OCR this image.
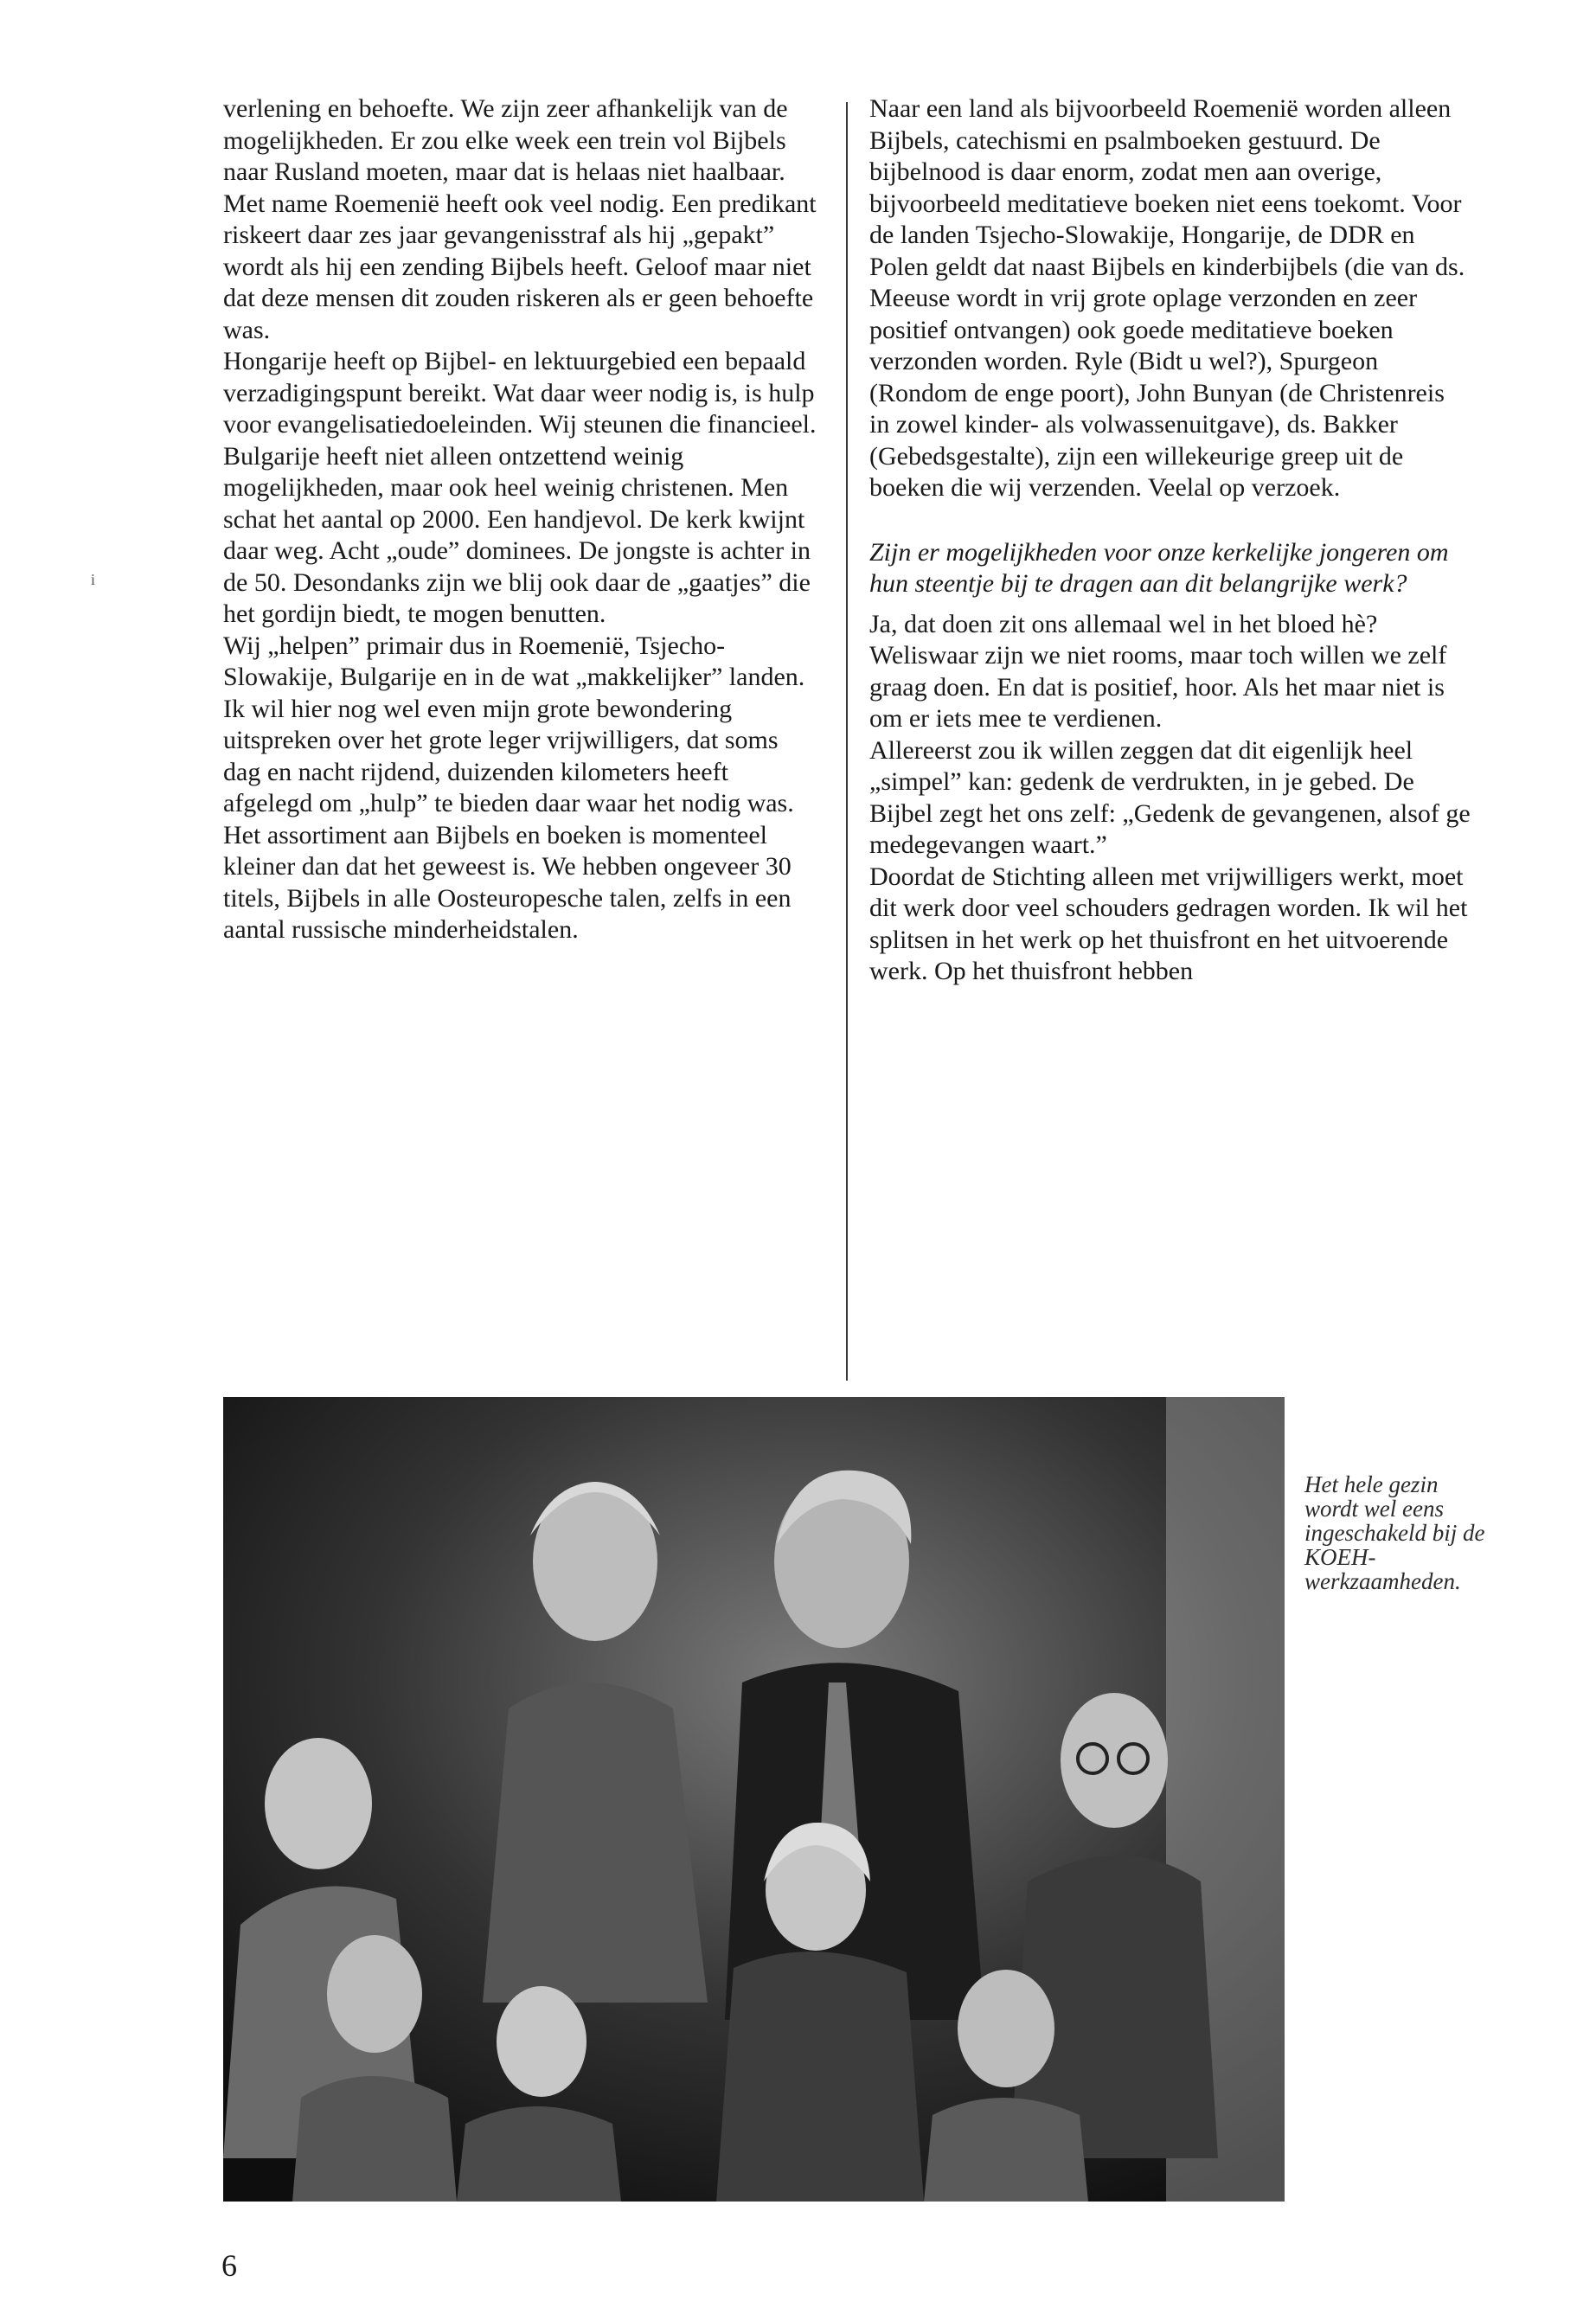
verlening en behoefte. We zijn zeer afhankelijk van de mogelijkheden. Er zou elke week een trein vol Bijbels naar Rusland moeten, maar dat is helaas niet haalbaar. Met name Roemenië heeft ook veel nodig. Een predikant riskeert daar zes jaar gevangenisstraf als hij „gepakt” wordt als hij een zending Bijbels heeft. Geloof maar niet dat deze mensen dit zouden riskeren als er geen behoefte was.

Hongarije heeft op Bijbel- en lektuurgebied een bepaald verzadigingspunt bereikt. Wat daar weer nodig is, is hulp voor evangelisatiedoeleinden. Wij steunen die financieel.

Bulgarije heeft niet alleen ontzettend weinig mogelijkheden, maar ook heel weinig christenen. Men schat het aantal op 2000. Een handjevol. De kerk kwijnt daar weg. Acht „oude” dominees. De jongste is achter in de 50. Desondanks zijn we blij ook daar de „gaatjes” die het gordijn biedt, te mogen benutten.

Wij „helpen” primair dus in Roemenië, Tsjecho-Slowakije, Bulgarije en in de wat „makkelijker” landen. Ik wil hier nog wel even mijn grote bewondering uitspreken over het grote leger vrijwilligers, dat soms dag en nacht rijdend, duizenden kilometers heeft afgelegd om „hulp” te bieden daar waar het nodig was.

Het assortiment aan Bijbels en boeken is momenteel kleiner dan dat het geweest is. We hebben ongeveer 30 titels, Bijbels in alle Oosteuropesche talen, zelfs in een aantal russische minderheidstalen.

Naar een land als bijvoorbeeld Roemenië worden alleen Bijbels, catechismi en psalmboeken gestuurd. De bijbelnood is daar enorm, zodat men aan overige, bijvoorbeeld meditatieve boeken niet eens toekomt. Voor de landen Tsjecho-Slowakije, Hongarije, de DDR en Polen geldt dat naast Bijbels en kinderbijbels (die van ds. Meeuse wordt in vrij grote oplage verzonden en zeer positief ontvangen) ook goede meditatieve boeken verzonden worden. Ryle (Bidt u wel?), Spurgeon (Rondom de enge poort), John Bunyan (de Christenreis in zowel kinder- als volwassenuitgave), ds. Bakker (Gebedsgestalte), zijn een willekeurige greep uit de boeken die wij verzenden. Veelal op verzoek.

Zijn er mogelijkheden voor onze kerkelijke jongeren om hun steentje bij te dragen aan dit belangrijke werk?

Ja, dat doen zit ons allemaal wel in het bloed hè? Weliswaar zijn we niet rooms, maar toch willen we zelf graag doen. En dat is positief, hoor. Als het maar niet is om er iets mee te verdienen.

Allereerst zou ik willen zeggen dat dit eigenlijk heel „simpel” kan: gedenk de verdrukten, in je gebed. De Bijbel zegt het ons zelf: „Gedenk de gevangenen, alsof ge medegevangen waart.”

Doordat de Stichting alleen met vrijwilligers werkt, moet dit werk door veel schouders gedragen worden. Ik wil het splitsen in het werk op het thuisfront en het uitvoerende werk. Op het thuisfront hebben

Het hele gezin wordt wel eens ingeschakeld bij de KOEH-werkzaamheden.
6
i
